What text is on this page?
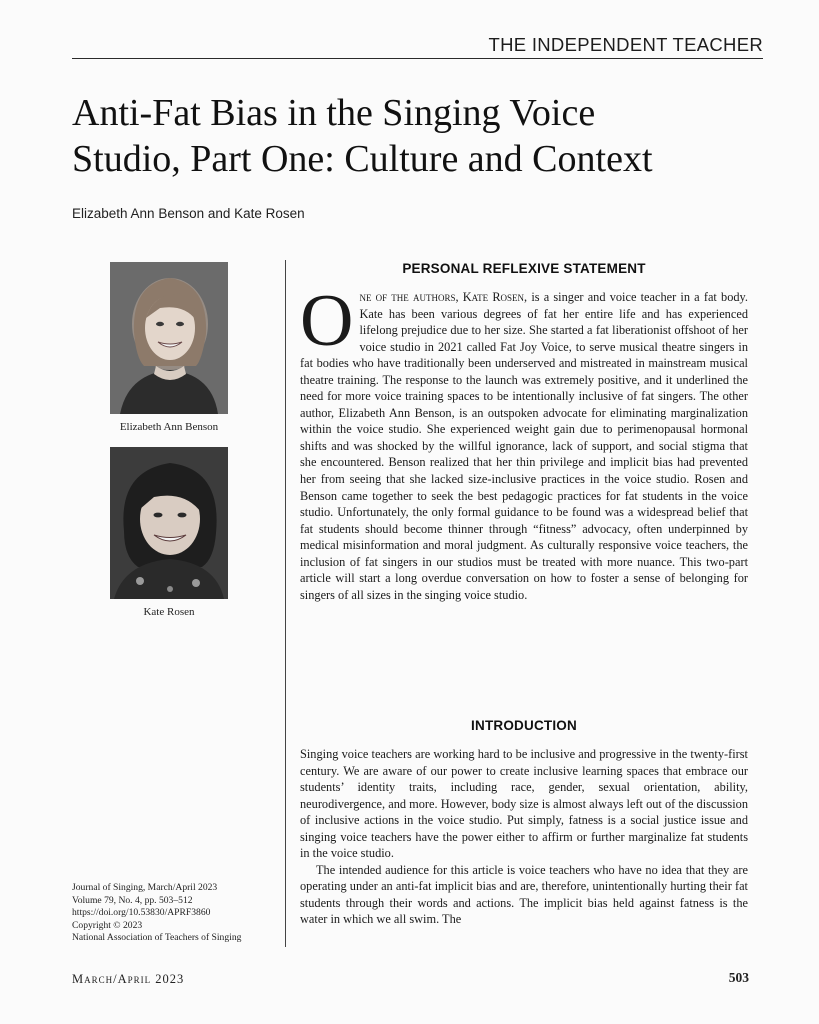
THE INDEPENDENT TEACHER
Anti-Fat Bias in the Singing Voice
Studio, Part One: Culture and Context
Elizabeth Ann Benson and Kate Rosen
Elizabeth Ann Benson
Kate Rosen
Journal of Singing, March/April 2023
Volume 79, No. 4, pp. 503–512
https://doi.org/10.53830/APRF3860
Copyright © 2023
National Association of Teachers of Singing
PERSONAL REFLEXIVE STATEMENT
One of the authors, Kate Rosen, is a singer and voice teacher in a fat body. Kate has been various degrees of fat her entire life and has experienced lifelong prejudice due to her size. She started a fat liberationist offshoot of her voice studio in 2021 called Fat Joy Voice, to serve musical theatre singers in fat bodies who have traditionally been underserved and mistreated in mainstream musical theatre training. The response to the launch was extremely positive, and it underlined the need for more voice training spaces to be intentionally inclusive of fat singers. The other author, Elizabeth Ann Benson, is an outspoken advocate for eliminating marginalization within the voice studio. She experienced weight gain due to perimenopausal hormonal shifts and was shocked by the willful ignorance, lack of support, and social stigma that she encountered. Benson realized that her thin privilege and implicit bias had prevented her from seeing that she lacked size-inclusive practices in the voice studio. Rosen and Benson came together to seek the best pedagogic practices for fat students in the voice studio. Unfortunately, the only formal guidance to be found was a widespread belief that fat students should become thinner through “fitness” advocacy, often underpinned by medical misinformation and moral judgment. As culturally responsive voice teachers, the inclusion of fat singers in our studios must be treated with more nuance. This two-part article will start a long overdue conversation on how to foster a sense of belonging for singers of all sizes in the singing voice studio.
INTRODUCTION
Singing voice teachers are working hard to be inclusive and progressive in the twenty-first century. We are aware of our power to create inclusive learning spaces that embrace our students’ identity traits, including race, gender, sexual orientation, ability, neurodivergence, and more. However, body size is almost always left out of the discussion of inclusive actions in the voice studio. Put simply, fatness is a social justice issue and singing voice teachers have the power either to affirm or further marginalize fat students in the voice studio.
The intended audience for this article is voice teachers who have no idea that they are operating under an anti-fat implicit bias and are, therefore, unintentionally hurting their fat students through their words and actions. The implicit bias held against fatness is the water in which we all swim. The
March/April 2023	503
